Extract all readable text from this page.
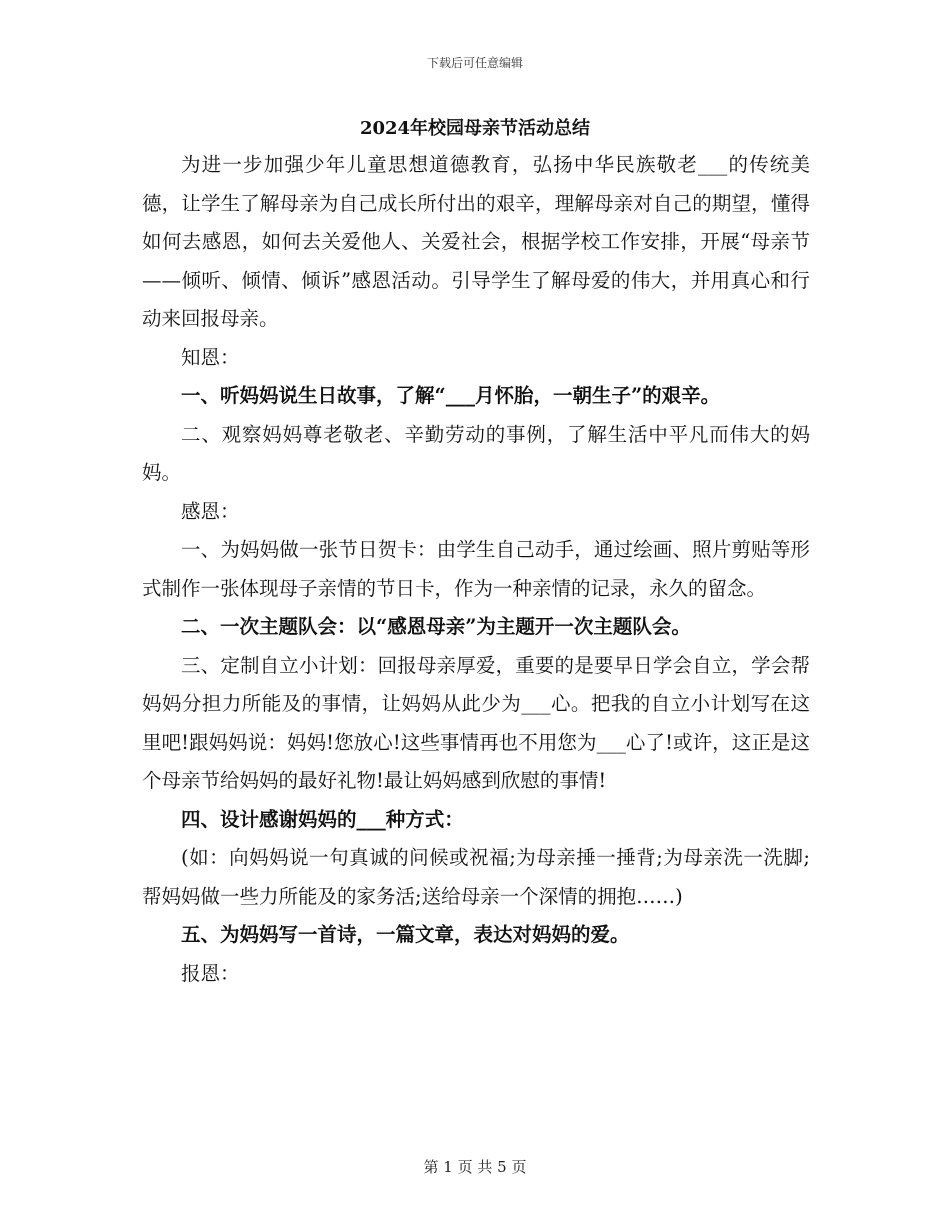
下载后可任意编辑
2024年校园母亲节活动总结

为进一步加强少年儿童思想道德教育，弘扬中华民族敬老___的传统美德，让学生了解母亲为自己成长所付出的艰辛，理解母亲对自己的期望，懂得如何去感恩，如何去关爱他人、关爱社会，根据学校工作安排，开展“母亲节——倾听、倾情、倾诉”感恩活动。引导学生了解母爱的伟大，并用真心和行动来回报母亲。

知恩：

一、听妈妈说生日故事，了解“___月怀胎，一朝生子”的艰辛。

二、观察妈妈尊老敬老、辛勤劳动的事例，了解生活中平凡而伟大的妈妈。

感恩：

一、为妈妈做一张节日贺卡：由学生自己动手，通过绘画、照片剪贴等形式制作一张体现母子亲情的节日卡，作为一种亲情的记录，永久的留念。

二、一次主题队会：以“感恩母亲”为主题开一次主题队会。

三、定制自立小计划：回报母亲厚爱，重要的是要早日学会自立，学会帮妈妈分担力所能及的事情，让妈妈从此少为___心。把我的自立小计划写在这里吧!跟妈妈说：妈妈!您放心!这些事情再也不用您为___心了!或许，这正是这个母亲节给妈妈的最好礼物!最让妈妈感到欣慰的事情!

四、设计感谢妈妈的___种方式：

(如：向妈妈说一句真诚的问候或祝福;为母亲捶一捶背;为母亲洗一洗脚;帮妈妈做一些力所能及的家务活;送给母亲一个深情的拥抱……)

五、为妈妈写一首诗，一篇文章，表达对妈妈的爱。

报恩：

第 1 页 共 5 页
